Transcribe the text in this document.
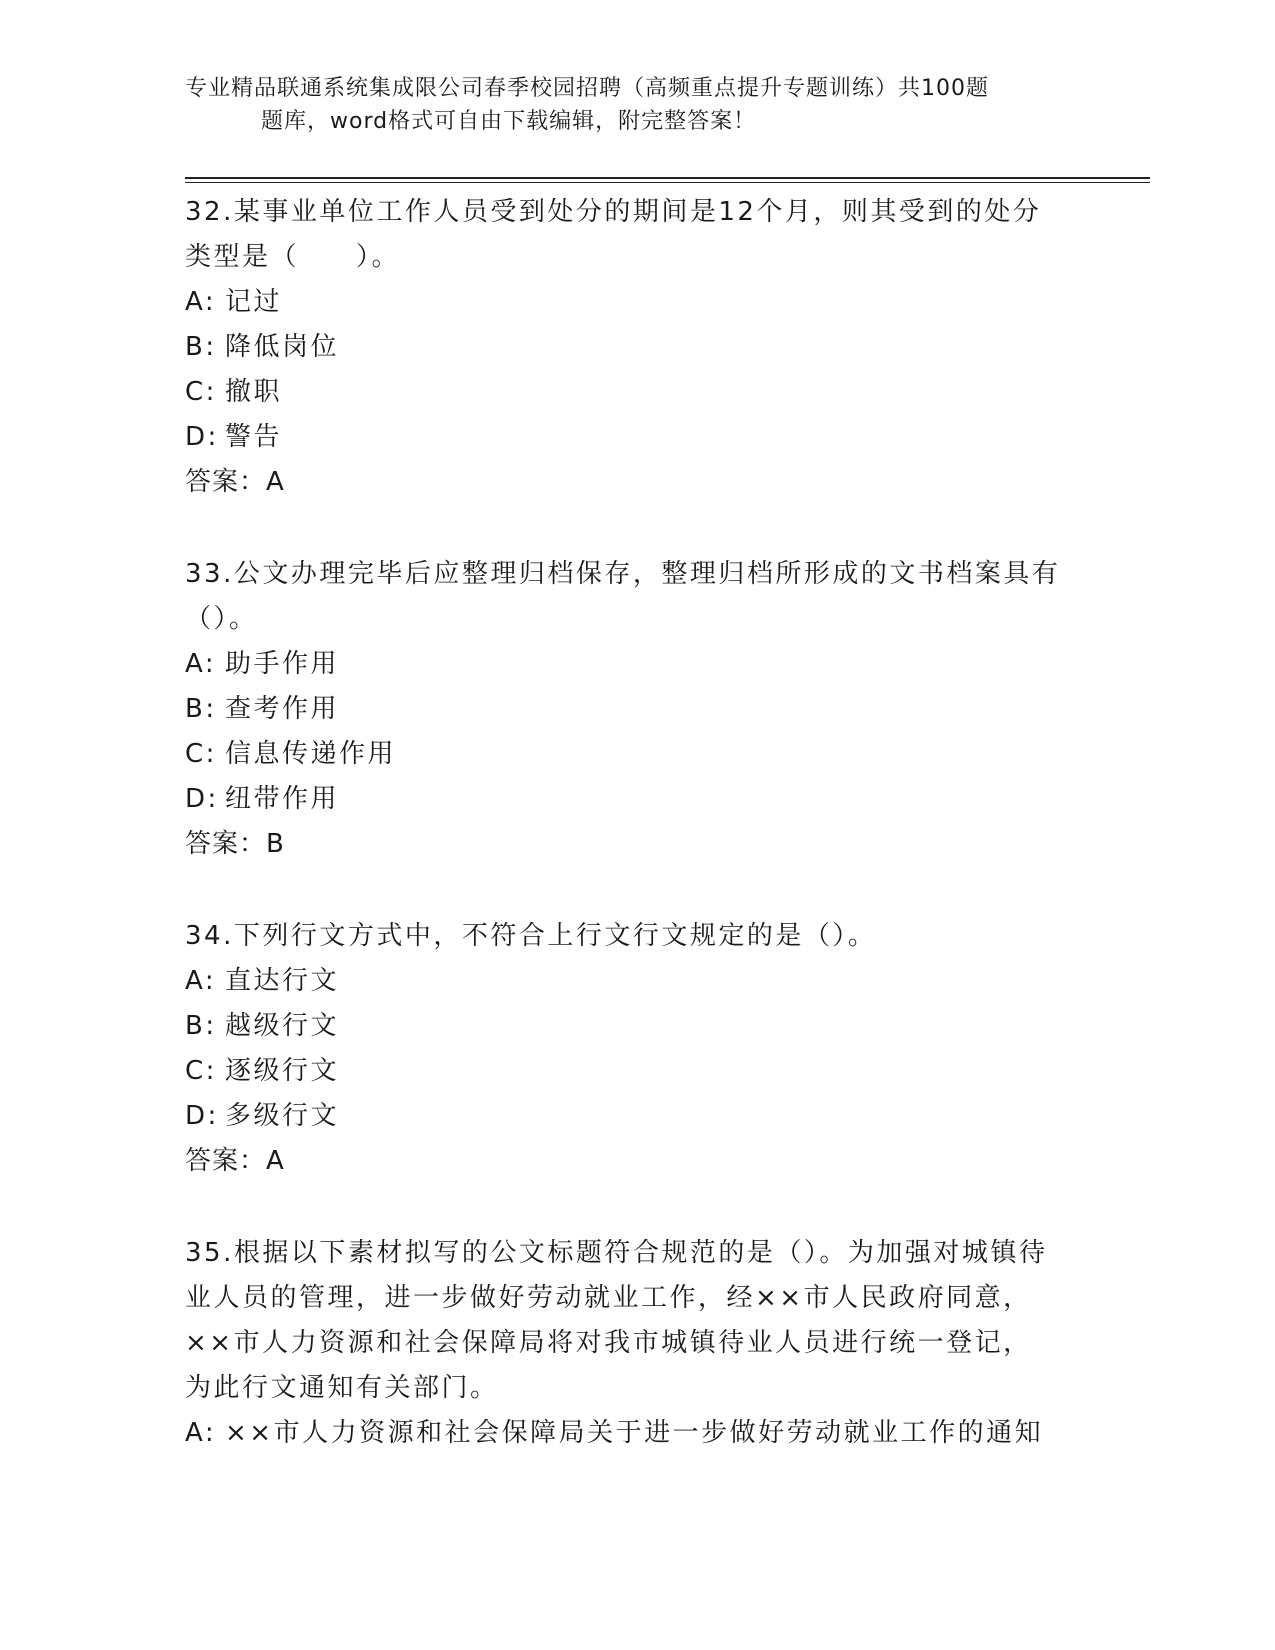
专业精品联通系统集成限公司春季校园招聘（高频重点提升专题训练）共100题
题库，word格式可自由下载编辑，附完整答案！
32.某事业单位工作人员受到处分的期间是12个月，则其受到的处分
类型是（　　）。
A: 记过
B: 降低岗位
C: 撤职
D: 警告
答案：A
33.公文办理完毕后应整理归档保存，整理归档所形成的文书档案具有
（）。
A: 助手作用
B: 查考作用
C: 信息传递作用
D: 纽带作用
答案：B
34.下列行文方式中，不符合上行文行文规定的是（）。
A: 直达行文
B: 越级行文
C: 逐级行文
D: 多级行文
答案：A
35.根据以下素材拟写的公文标题符合规范的是（）。为加强对城镇待
业人员的管理，进一步做好劳动就业工作，经××市人民政府同意，
××市人力资源和社会保障局将对我市城镇待业人员进行统一登记，
为此行文通知有关部门。
A: ××市人力资源和社会保障局关于进一步做好劳动就业工作的通知
